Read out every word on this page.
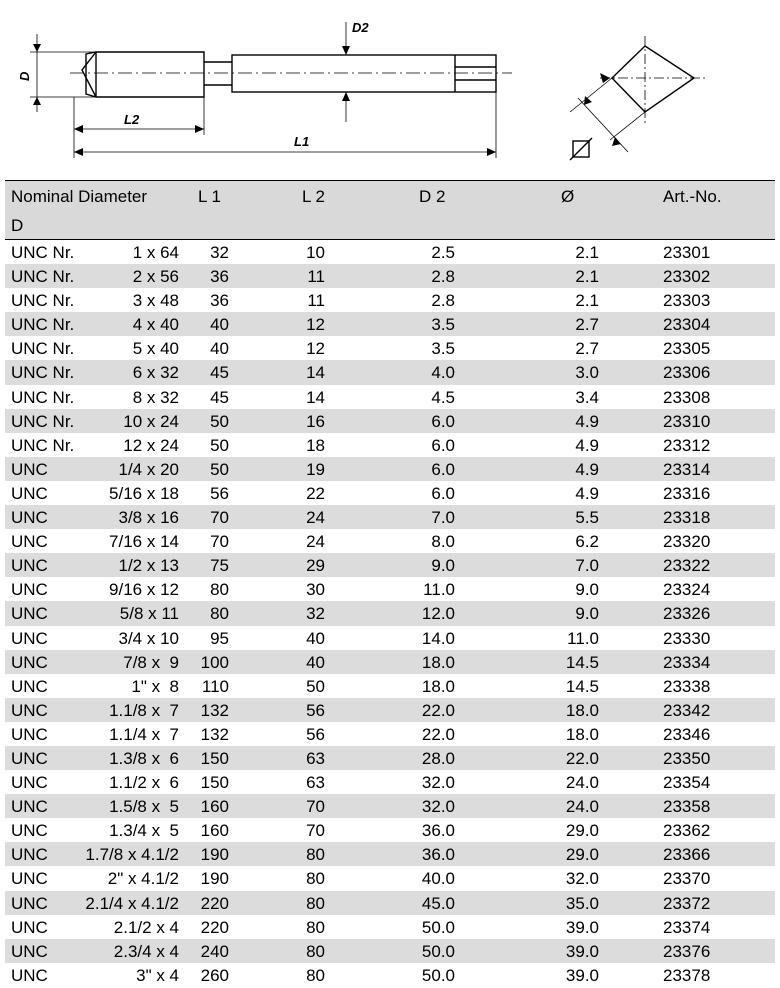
D
D2
L2
L1
Nominal Diameter
D
L 1	L 2	D 2	Ø	Art.-No.
UNC Nr.	1 x 64	32	10	2.5	2.1	23301
UNC Nr.	2 x 56	36	11	2.8	2.1	23302
UNC Nr.	3 x 48	36	11	2.8	2.1	23303
UNC Nr.	4 x 40	40	12	3.5	2.7	23304
UNC Nr.	5 x 40	40	12	3.5	2.7	23305
UNC Nr.	6 x 32	45	14	4.0	3.0	23306
UNC Nr.	8 x 32	45	14	4.5	3.4	23308
UNC Nr.	10 x 24	50	16	6.0	4.9	23310
UNC Nr.	12 x 24	50	18	6.0	4.9	23312
UNC	1/4 x 20	50	19	6.0	4.9	23314
UNC	5/16 x 18	56	22	6.0	4.9	23316
UNC	3/8 x 16	70	24	7.0	5.5	23318
UNC	7/16 x 14	70	24	8.0	6.2	23320
UNC	1/2 x 13	75	29	9.0	7.0	23322
UNC	9/16 x 12	80	30	11.0	9.0	23324
UNC	5/8 x 11	80	32	12.0	9.0	23326
UNC	3/4 x 10	95	40	14.0	11.0	23330
UNC	7/8 x  9	100	40	18.0	14.5	23334
UNC	1" x  8	110	50	18.0	14.5	23338
UNC	1.1/8 x  7	132	56	22.0	18.0	23342
UNC	1.1/4 x  7	132	56	22.0	18.0	23346
UNC	1.3/8 x  6	150	63	28.0	22.0	23350
UNC	1.1/2 x  6	150	63	32.0	24.0	23354
UNC	1.5/8 x  5	160	70	32.0	24.0	23358
UNC	1.3/4 x  5	160	70	36.0	29.0	23362
UNC	1.7/8 x 4.1/2	190	80	36.0	29.0	23366
UNC	2" x 4.1/2	190	80	40.0	32.0	23370
UNC	2.1/4 x 4.1/2	220	80	45.0	35.0	23372
UNC	2.1/2 x 4	220	80	50.0	39.0	23374
UNC	2.3/4 x 4	240	80	50.0	39.0	23376
UNC	3" x 4	260	80	50.0	39.0	23378
